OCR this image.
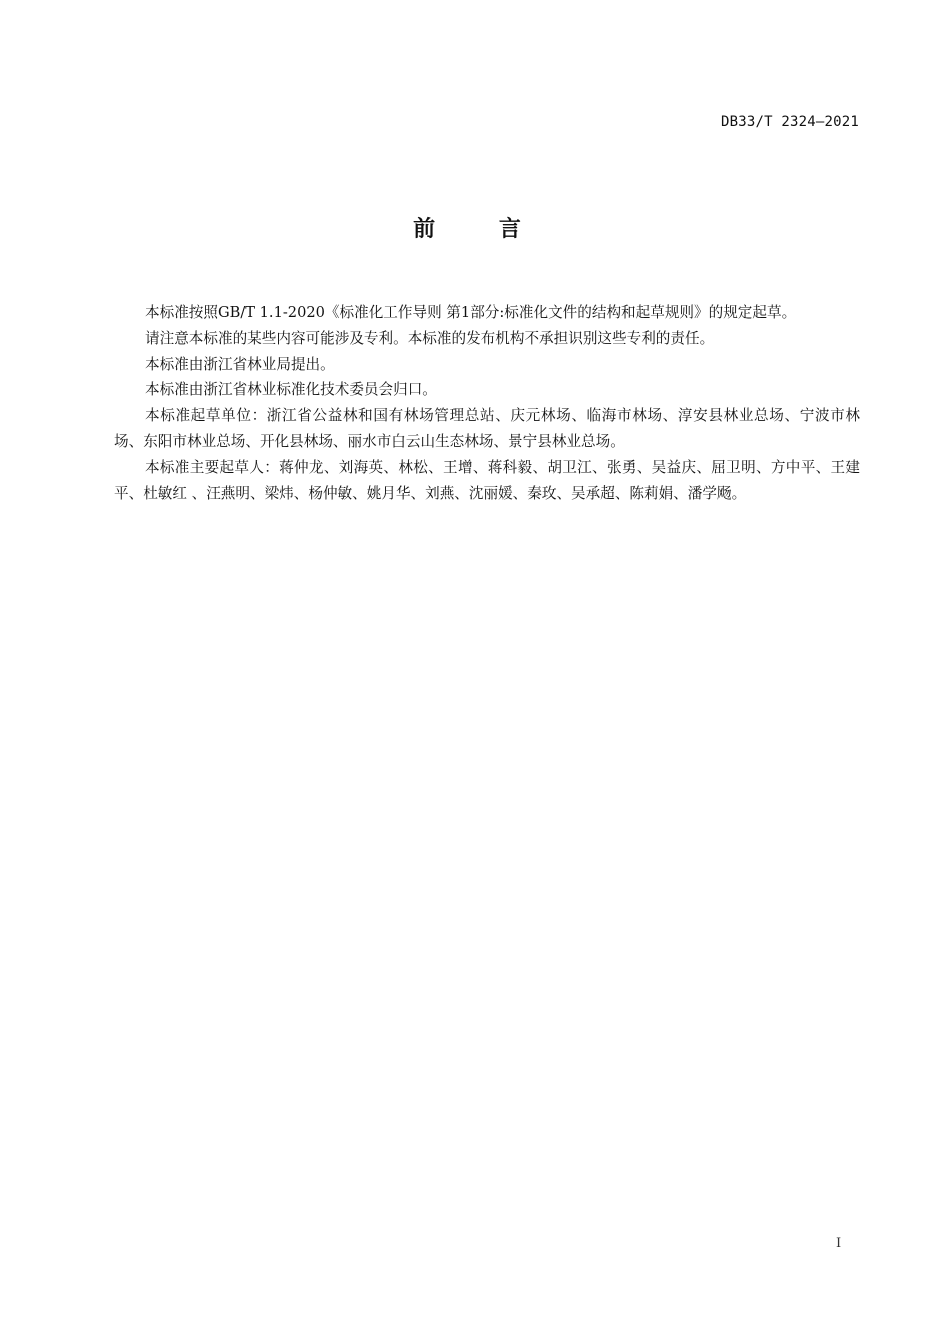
DB33/T 2324—2021
前 言

本标准按照GB/T 1.1-2020《标准化工作导则 第1部分:标准化文件的结构和起草规则》的规定起草。

请注意本标准的某些内容可能涉及专利。本标准的发布机构不承担识别这些专利的责任。

本标准由浙江省林业局提出。

本标准由浙江省林业标准化技术委员会归口。

本标准起草单位：浙江省公益林和国有林场管理总站、庆元林场、临海市林场、淳安县林业总场、宁波市林场、东阳市林业总场、开化县林场、丽水市白云山生态林场、景宁县林业总场。

本标准主要起草人：蒋仲龙、刘海英、林松、王增、蒋科毅、胡卫江、张勇、吴益庆、屈卫明、方中平、王建平、杜敏红 、汪燕明、梁炜、杨仲敏、姚月华、刘燕、沈丽媛、秦玫、吴承超、陈莉娟、潘学飏。

I
